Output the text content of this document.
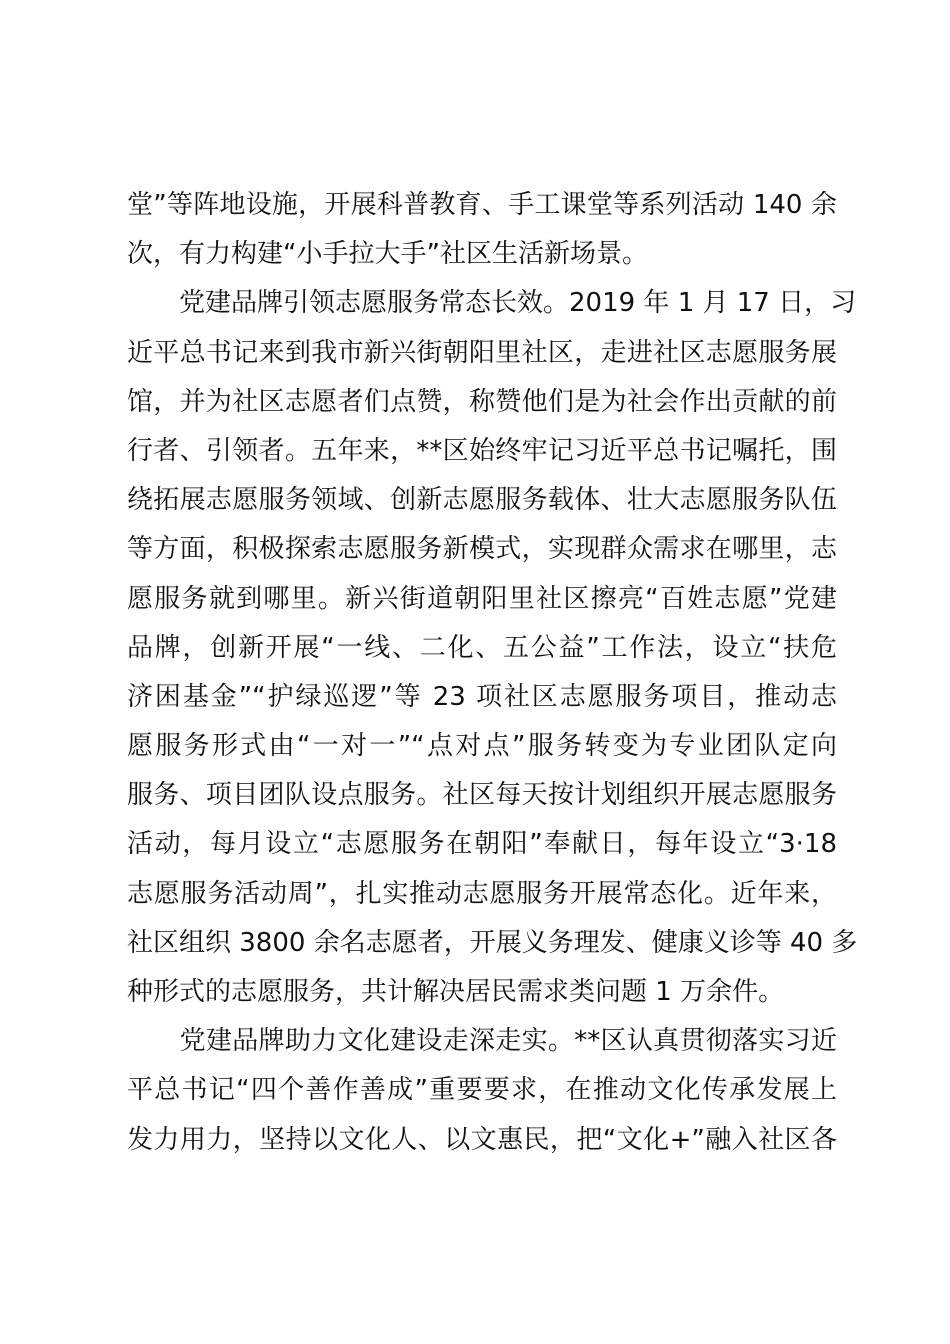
堂”等阵地设施，开展科普教育、手工课堂等系列活动 140 余
次，有力构建“小手拉大手”社区生活新场景。
　　党建品牌引领志愿服务常态长效。2019 年 1 月 17 日，习
近平总书记来到我市新兴街朝阳里社区，走进社区志愿服务展
馆，并为社区志愿者们点赞，称赞他们是为社会作出贡献的前
行者、引领者。五年来，**区始终牢记习近平总书记嘱托，围
绕拓展志愿服务领域、创新志愿服务载体、壮大志愿服务队伍
等方面，积极探索志愿服务新模式，实现群众需求在哪里，志
愿服务就到哪里。新兴街道朝阳里社区擦亮“百姓志愿”党建
品牌，创新开展“一线、二化、五公益”工作法，设立“扶危
济困基金”“护绿巡逻”等 23 项社区志愿服务项目，推动志
愿服务形式由“一对一”“点对点”服务转变为专业团队定向
服务、项目团队设点服务。社区每天按计划组织开展志愿服务
活动，每月设立“志愿服务在朝阳”奉献日，每年设立“3·18
志愿服务活动周”，扎实推动志愿服务开展常态化。近年来，
社区组织 3800 余名志愿者，开展义务理发、健康义诊等 40 多
种形式的志愿服务，共计解决居民需求类问题 1 万余件。
　　党建品牌助力文化建设走深走实。**区认真贯彻落实习近
平总书记“四个善作善成”重要要求，在推动文化传承发展上
发力用力，坚持以文化人、以文惠民，把“文化+”融入社区各
